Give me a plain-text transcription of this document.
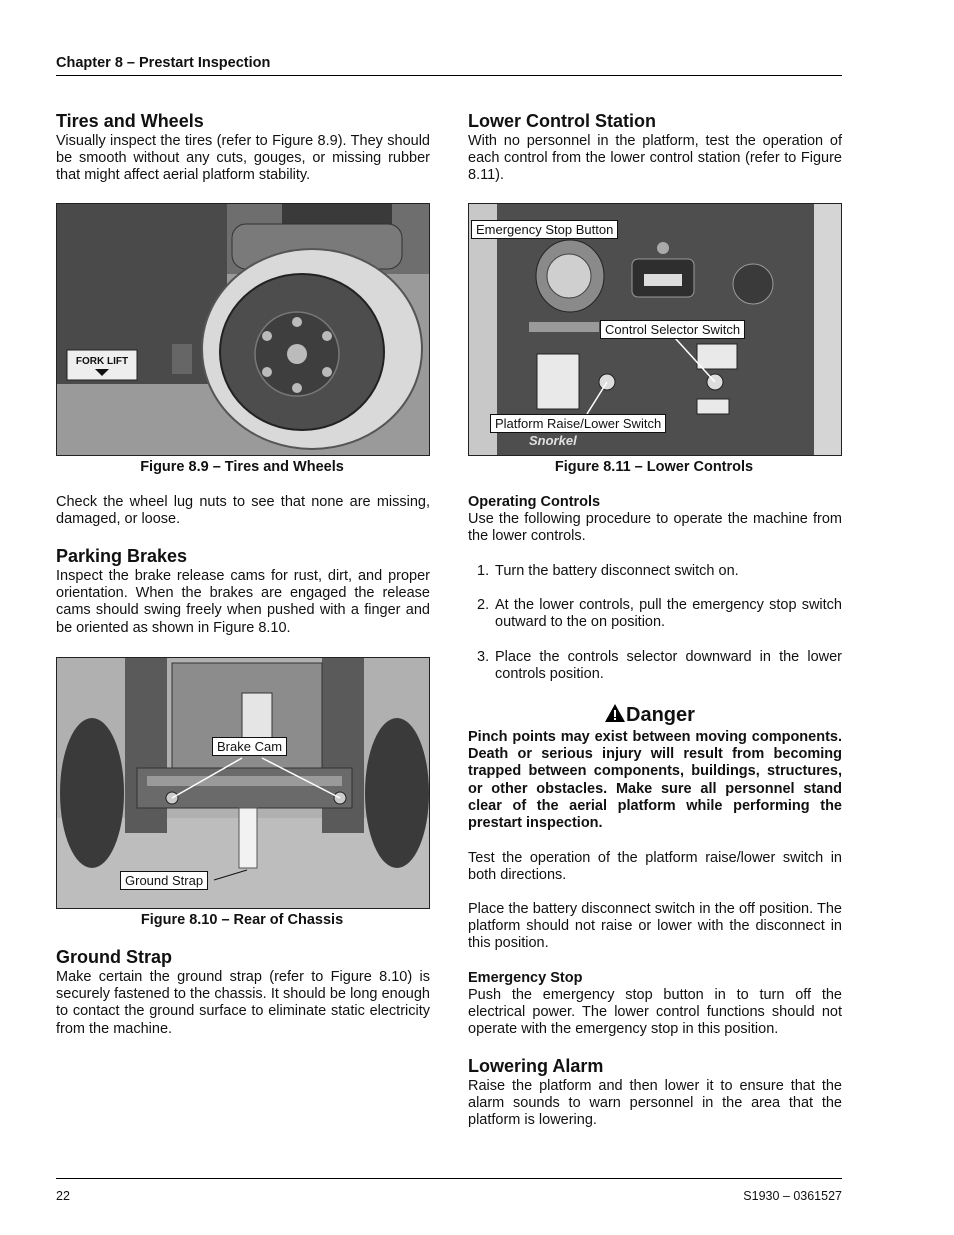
Chapter 8 – Prestart Inspection
Tires and Wheels

Visually inspect the tires (refer to Figure 8.9). They should be smooth without any cuts, gouges, or missing rubber that might affect aerial platform stability.

FORK LIFT
Figure 8.9 – Tires and Wheels

Check the wheel lug nuts to see that none are missing, damaged, or loose.

Parking Brakes

Inspect the brake release cams for rust, dirt, and proper orientation. When the brakes are engaged the release cams should swing freely when pushed with a finger and be oriented as shown in Figure 8.10.

Brake Cam
Ground Strap
Figure 8.10 – Rear of Chassis
Ground Strap

Make certain the ground strap (refer to Figure 8.10) is securely fastened to the chassis. It should be long enough to contact the ground surface to eliminate static electricity from the machine.

Lower Control Station

With no personnel in the platform, test the operation of each control from the lower control station (refer to Figure 8.11).

Snorkel
Emergency Stop Button
Control Selector Switch
Platform Raise/Lower Switch
Figure 8.11 – Lower Controls
Operating Controls

Use the following procedure to operate the machine from the lower controls.

1. Turn the battery disconnect switch on.
2. At the lower controls, pull the emergency stop switch outward to the on position.
3. Place the controls selector downward in the lower controls position.
Danger

Pinch points may exist between moving components. Death or serious injury will result from becoming trapped between components, buildings, structures, or other obstacles. Make sure all personnel stand clear of the aerial platform while performing the prestart inspection.

Test the operation of the platform raise/lower switch in both directions.

Place the battery disconnect switch in the off position. The platform should not raise or lower with the disconnect in this position.

Emergency Stop

Push the emergency stop button in to turn off the electrical power. The lower control functions should not operate with the emergency stop in this position.

Lowering Alarm

Raise the platform and then lower it to ensure that the alarm sounds to warn personnel in the area that the platform is lowering.

22	S1930 – 0361527
